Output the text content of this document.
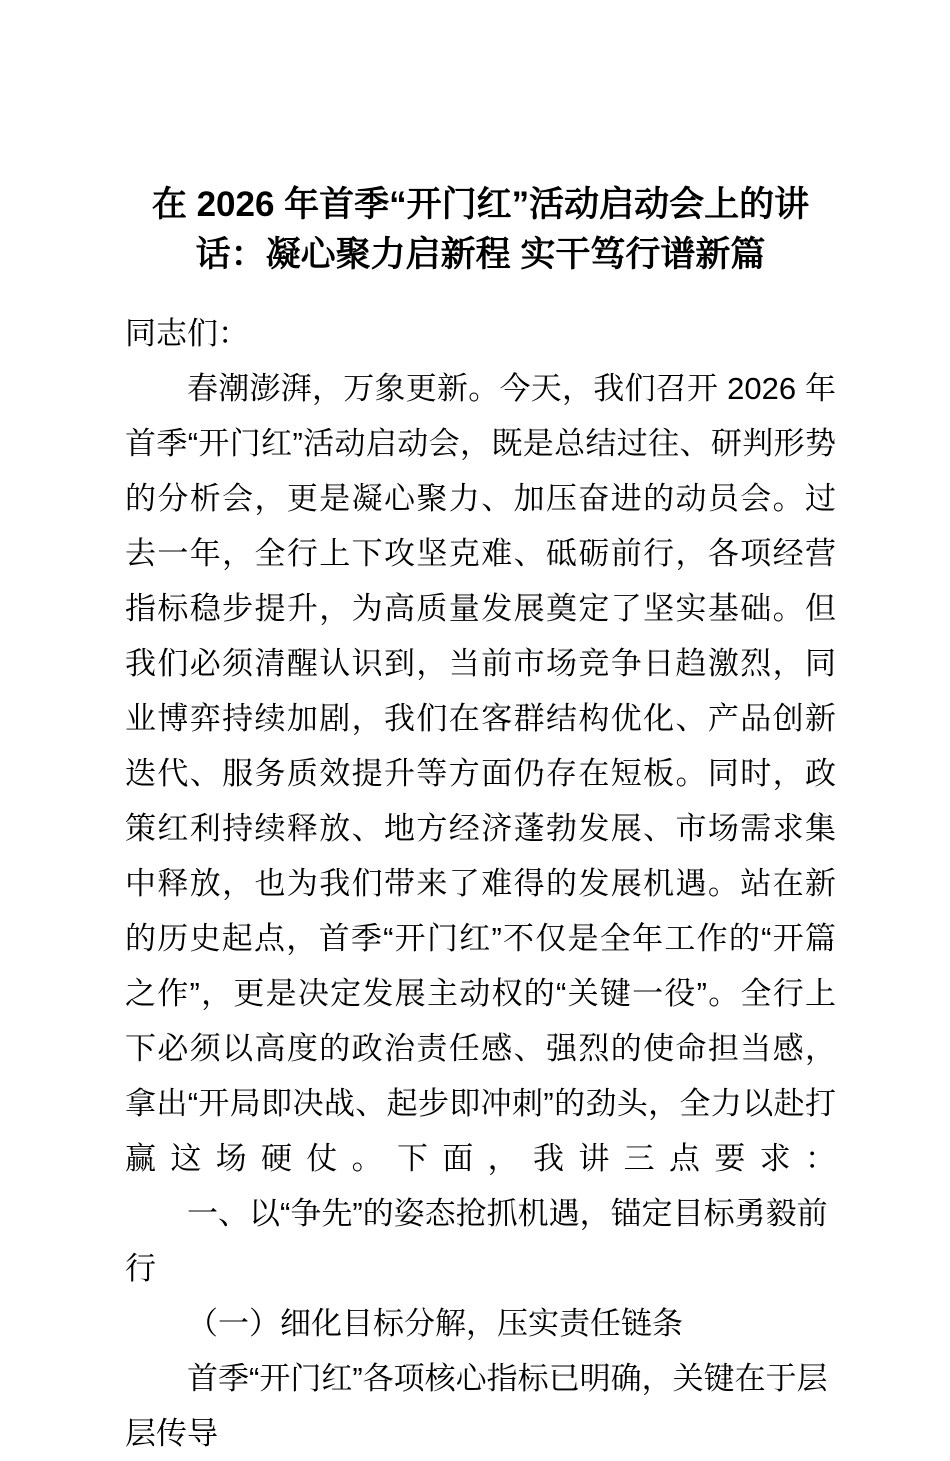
在 2026 年首季“开门红”活动启动会上的讲话：凝心聚力启新程 实干笃行谱新篇

同志们：

春潮澎湃，万象更新。今天，我们召开 2026 年首季“开门红”活动启动会，既是总结过往、研判形势的分析会，更是凝心聚力、加压奋进的动员会。过去一年，全行上下攻坚克难、砥砺前行，各项经营指标稳步提升，为高质量发展奠定了坚实基础。但我们必须清醒认识到，当前市场竞争日趋激烈，同业博弈持续加剧，我们在客群结构优化、产品创新迭代、服务质效提升等方面仍存在短板。同时，政策红利持续释放、地方经济蓬勃发展、市场需求集中释放，也为我们带来了难得的发展机遇。站在新的历史起点，首季“开门红”不仅是全年工作的“开篇之作”，更是决定发展主动权的“关键一役”。全行上下必须以高度的政治责任感、强烈的使命担当感，拿出“开局即决战、起步即冲刺”的劲头，全力以赴打赢这场硬仗。下面，我讲三点要求：

一、以“争先”的姿态抢抓机遇，锚定目标勇毅前行

（一）细化目标分解，压实责任链条

首季“开门红”各项核心指标已明确，关键在于层层传导
